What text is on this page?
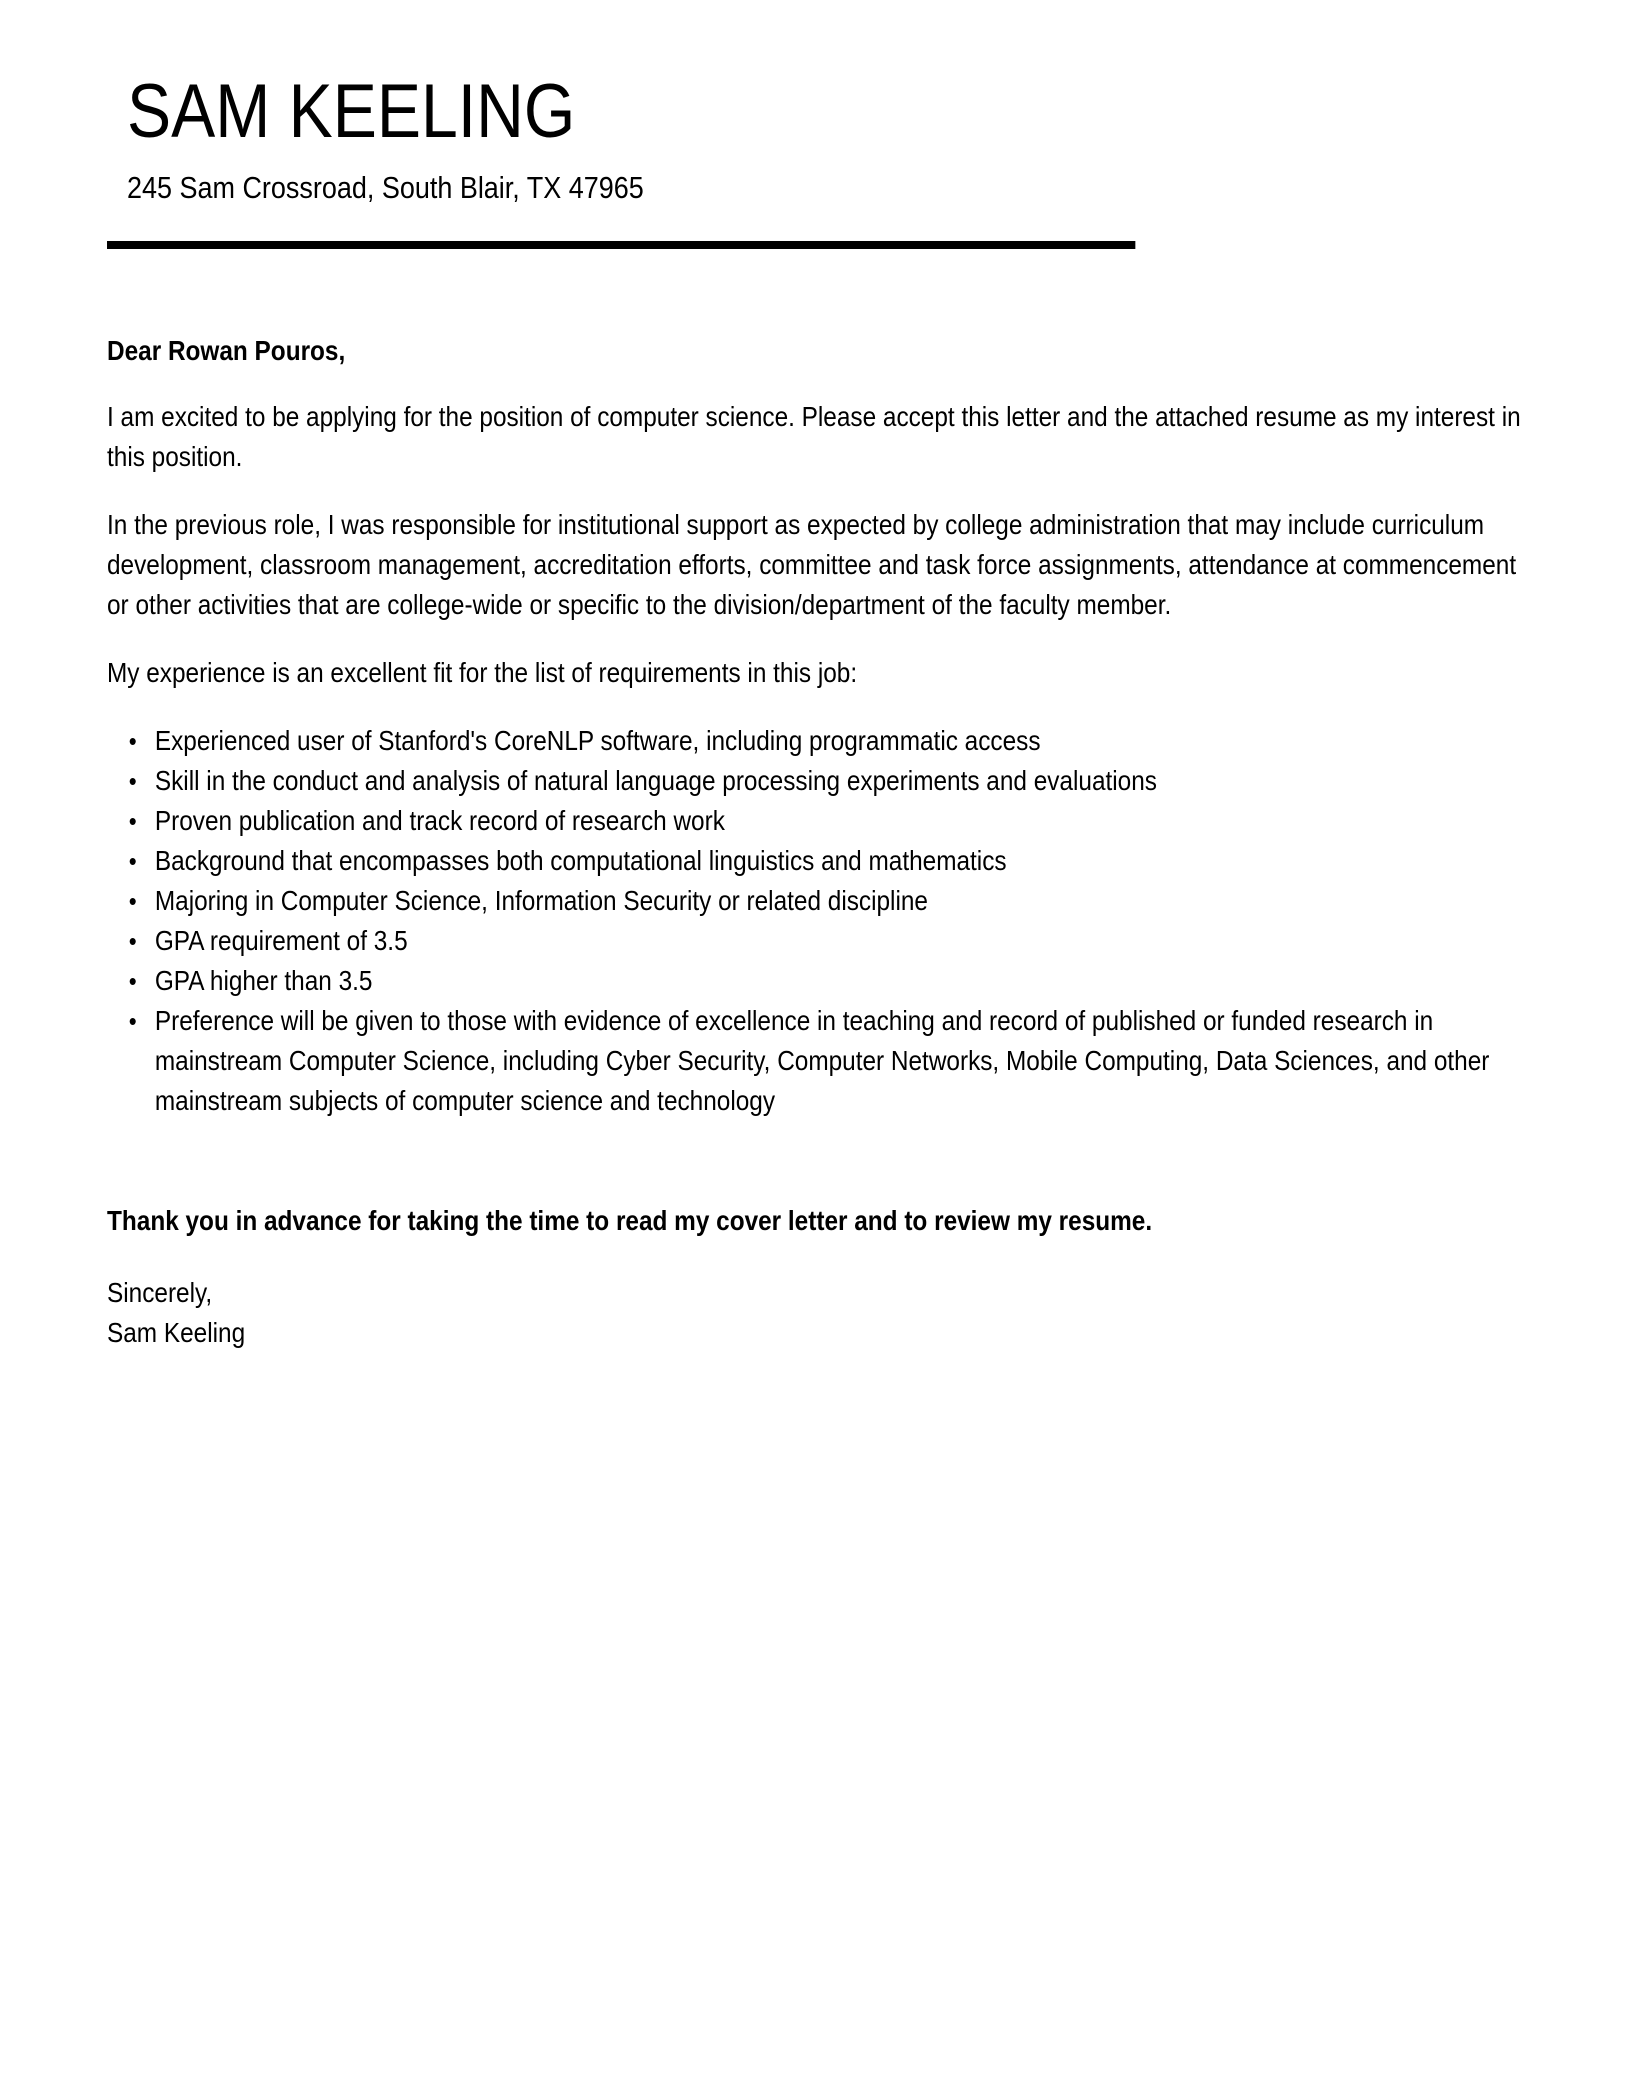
SAM KEELING
245 Sam Crossroad, South Blair, TX 47965
Dear Rowan Pouros,

I am excited to be applying for the position of computer science. Please accept this letter and the attached resume as my interest in this position.

In the previous role, I was responsible for institutional support as expected by college administration that may include curriculum development, classroom management, accreditation efforts, committee and task force assignments, attendance at commencement or other activities that are college-wide or specific to the division/department of the faculty member.

My experience is an excellent fit for the list of requirements in this job:

• Experienced user of Stanford's CoreNLP software, including programmatic access
• Skill in the conduct and analysis of natural language processing experiments and evaluations
• Proven publication and track record of research work
• Background that encompasses both computational linguistics and mathematics
• Majoring in Computer Science, Information Security or related discipline
• GPA requirement of 3.5
• GPA higher than 3.5
• Preference will be given to those with evidence of excellence in teaching and record of published or funded research in mainstream Computer Science, including Cyber Security, Computer Networks, Mobile Computing, Data Sciences, and other mainstream subjects of computer science and technology
Thank you in advance for taking the time to read my cover letter and to review my resume.
Sincerely,
Sam Keeling
